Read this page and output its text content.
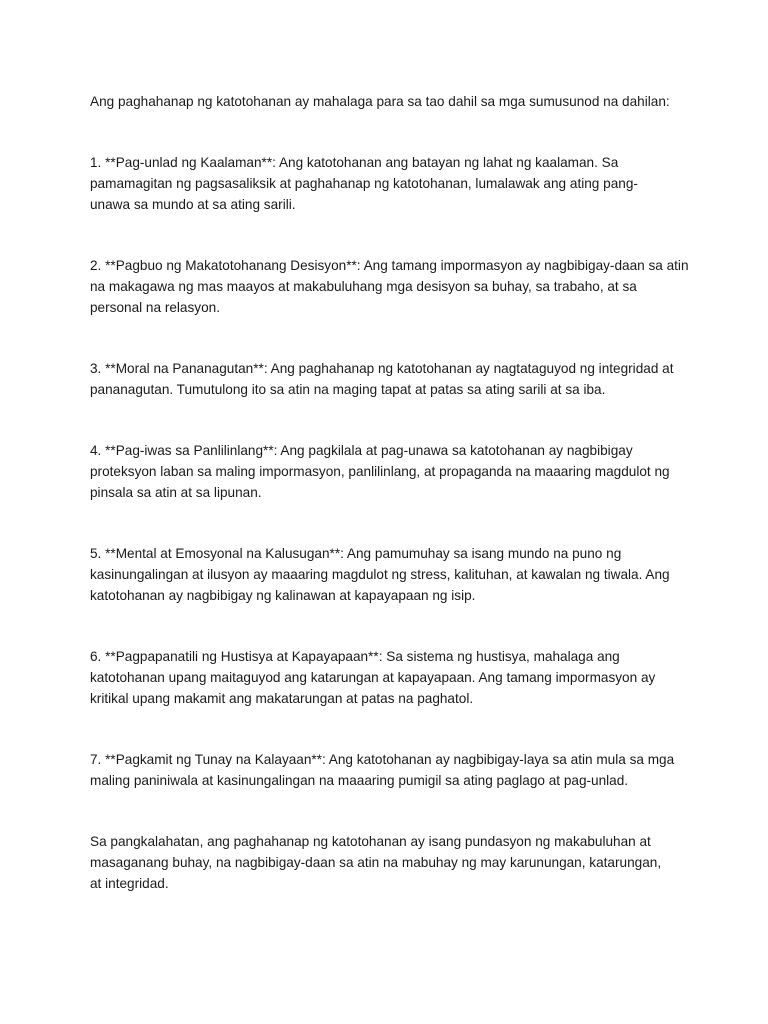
Ang paghahanap ng katotohanan ay mahalaga para sa tao dahil sa mga sumusunod na dahilan:

1. **Pag-unlad ng Kaalaman**: Ang katotohanan ang batayan ng lahat ng kaalaman. Sa pamamagitan ng pagsasaliksik at paghahanap ng katotohanan, lumalawak ang ating pang-unawa sa mundo at sa ating sarili.

2. **Pagbuo ng Makatotohanang Desisyon**: Ang tamang impormasyon ay nagbibigay-daan sa atin na makagawa ng mas maayos at makabuluhang mga desisyon sa buhay, sa trabaho, at sa personal na relasyon.

3. **Moral na Pananagutan**: Ang paghahanap ng katotohanan ay nagtataguyod ng integridad at pananagutan. Tumutulong ito sa atin na maging tapat at patas sa ating sarili at sa iba.

4. **Pag-iwas sa Panlilinlang**: Ang pagkilala at pag-unawa sa katotohanan ay nagbibigay proteksyon laban sa maling impormasyon, panlilinlang, at propaganda na maaaring magdulot ng pinsala sa atin at sa lipunan.

5. **Mental at Emosyonal na Kalusugan**: Ang pamumuhay sa isang mundo na puno ng kasinungalingan at ilusyon ay maaaring magdulot ng stress, kalituhan, at kawalan ng tiwala. Ang katotohanan ay nagbibigay ng kalinawan at kapayapaan ng isip.

6. **Pagpapanatili ng Hustisya at Kapayapaan**: Sa sistema ng hustisya, mahalaga ang katotohanan upang maitaguyod ang katarungan at kapayapaan. Ang tamang impormasyon ay kritikal upang makamit ang makatarungan at patas na paghatol.

7. **Pagkamit ng Tunay na Kalayaan**: Ang katotohanan ay nagbibigay-laya sa atin mula sa mga maling paniniwala at kasinungalingan na maaaring pumigil sa ating paglago at pag-unlad.

Sa pangkalahatan, ang paghahanap ng katotohanan ay isang pundasyon ng makabuluhan at masaganang buhay, na nagbibigay-daan sa atin na mabuhay ng may karunungan, katarungan, at integridad.
